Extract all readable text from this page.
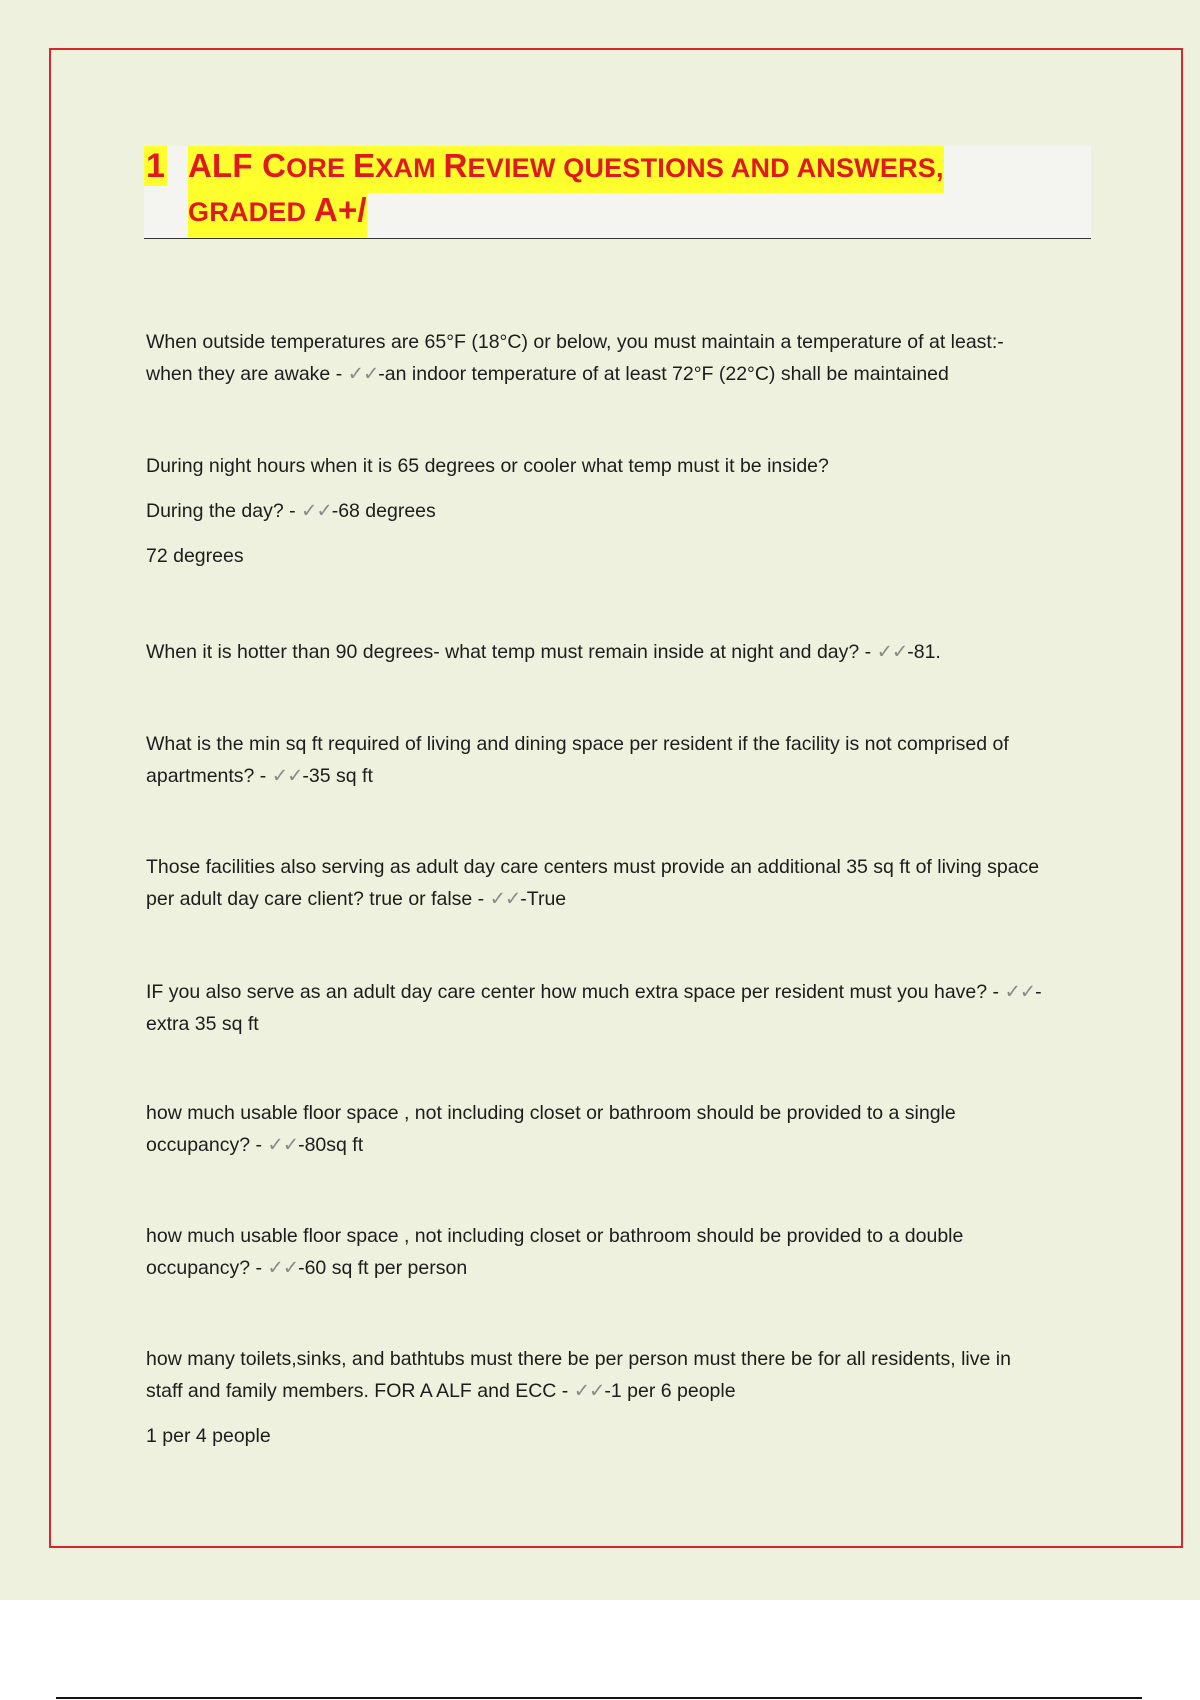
1 ALF CORE EXAM REVIEW QUESTIONS AND ANSWERS,
GRADED A+/
When outside temperatures are 65°F (18°C) or below, you must maintain a temperature of at least:-
when they are awake - ✓✓-an indoor temperature of at least 72°F (22°C) shall be maintained
During night hours when it is 65 degrees or cooler what temp must it be inside?
During the day? - ✓✓-68 degrees
72 degrees
When it is hotter than 90 degrees- what temp must remain inside at night and day? - ✓✓-81.
What is the min sq ft required of living and dining space per resident if the facility is not comprised of
apartments? - ✓✓-35 sq ft
Those facilities also serving as adult day care centers must provide an additional 35 sq ft of living space
per adult day care client? true or false - ✓✓-True
IF you also serve as an adult day care center how much extra space per resident must you have? - ✓✓-
extra 35 sq ft
how much usable floor space , not including closet or bathroom should be provided to a single
occupancy? - ✓✓-80sq ft
how much usable floor space , not including closet or bathroom should be provided to a double
occupancy? - ✓✓-60 sq ft per person
how many toilets,sinks, and bathtubs must there be per person must there be for all residents, live in
staff and family members. FOR A ALF and ECC - ✓✓-1 per 6 people
1 per 4 people
